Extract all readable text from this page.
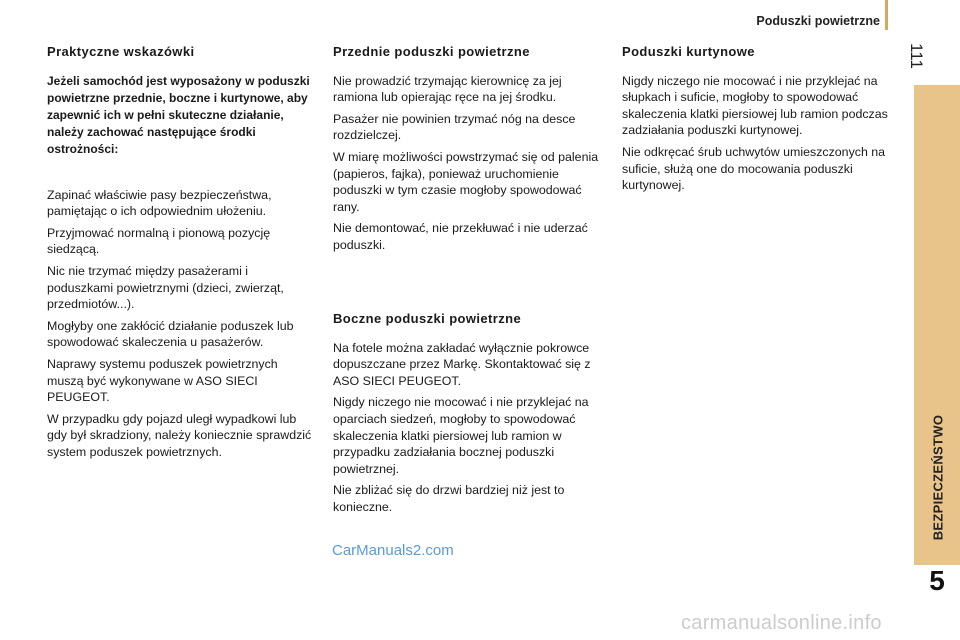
Poduszki powietrzne
111
BEZPIECZEŃSTWO
5
Praktyczne wskazówki

Jeżeli samochód jest wyposażony w poduszki powietrzne przednie, boczne i kurtynowe, aby zapewnić ich w pełni skuteczne działanie, należy zachować następujące środki ostrożności:

Zapinać właściwie pasy bezpieczeństwa, pamiętając o ich odpowiednim ułożeniu.

Przyjmować normalną i pionową pozycję siedzącą.

Nic nie trzymać między pasażerami i poduszkami powietrznymi (dzieci, zwierząt, przedmiotów...).

Mogłyby one zakłócić działanie poduszek lub spowodować skaleczenia u pasażerów.

Naprawy systemu poduszek powietrznych muszą być wykonywane w ASO SIECI PEUGEOT.

W przypadku gdy pojazd uległ wypadkowi lub gdy był skradziony, należy koniecznie sprawdzić system poduszek powietrznych.

Przednie poduszki powietrzne

Nie prowadzić trzymając kierownicę za jej ramiona lub opierając ręce na jej środku.

Pasażer nie powinien trzymać nóg na desce rozdzielczej.

W miarę możliwości powstrzymać się od palenia (papieros, fajka), ponieważ uruchomienie poduszki w tym czasie mogłoby spowodować rany.

Nie demontować, nie przekłuwać i nie uderzać poduszki.

Boczne poduszki powietrzne

Na fotele można zakładać wyłącznie pokrowce dopuszczane przez Markę. Skontaktować się z ASO SIECI PEUGEOT.

Nigdy niczego nie mocować i nie przyklejać na oparciach siedzeń, mogłoby to spowodować skaleczenia klatki piersiowej lub ramion w przypadku zadziałania bocznej poduszki powietrznej.

Nie zbliżać się do drzwi bardziej niż jest to konieczne.

Poduszki kurtynowe

Nigdy niczego nie mocować i nie przyklejać na słupkach i suficie, mogłoby to spowodować skaleczenia klatki piersiowej lub ramion podczas zadziałania poduszki kurtynowej.

Nie odkręcać śrub uchwytów umieszczonych na suficie, służą one do mocowania poduszki kurtynowej.

CarManuals2.com
carmanualsonline.info
